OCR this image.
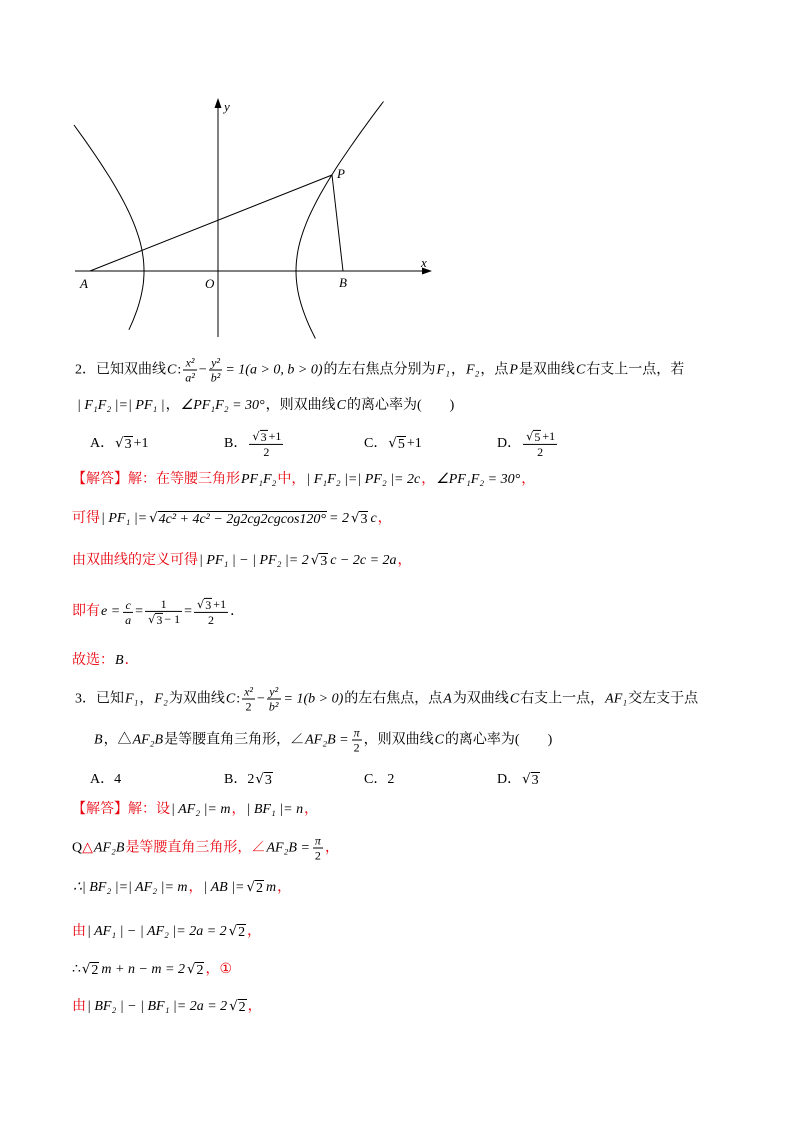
y
x
A	O	B
P
2． 已知双曲线 C : $\frac{\text{x²}}{\text{a²}} - \frac{\text{y²}}{\text{b²}} = 1(a > 0$, b > 0) 的左右焦点分别为 F₁ ， F₂ ，点 P 是双曲线 C 右支上一点，若
| F₁F₂ |=| PF₁ | ， ∠PF₁F₂ = 30° ，则双曲线 C 的离心率为(　　)
A． √ 3 +1	B． $\frac{√ 3 +1}{2}$	C． √ 5 +1	D． $\frac{√ 5 +1}{2}$
【解答】解：在等腰三角形 PF₁F₂ 中， | F₁F₂ |=| PF₂ |= 2c ， ∠PF₁F₂ = 30° ，
可得 | PF₁ |= √ 4c² + 4c² − 2g2cg2cgcos120° = 2 √ 3 c ，
由双曲线的定义可得 | PF₁ | − | PF₂ |= 2 √ 3 c − 2c = 2a ，
即有 $e = \frac{c}{a} = \frac{1}{√ 3 - 1} = \frac{√ 3 +1}{2}$ ．
故选： B ．
3． 已知 F₁ ， F₂ 为双曲线 C : $\frac{\text{x²}}{2} - \frac{\text{y²}}{\text{b²}} = 1(b > 0)$ 的左右焦点，点 A 为双曲线 C 右支上一点， AF₁ 交左支于点
B ，△ AF₂B 是等腰直角三角形，∠ $AF_2B = \frac{\pi}{2}$ ，则双曲线 C 的离心率为(　　)
A． 4	B． 2 √ 3	C． 2	D． √ 3
【解答】解：设 | AF₂ |= m ， | BF₁ |= n ，
Q △ AF₂B 是等腰直角三角形，∠ $AF_2B = \frac{\pi}{2}$ ，
∴| BF₂ |=| AF₂ |= m ， | AB |= √ 2 m ，
由 | AF₁ | − | AF₂ |= 2a = 2 √ 2 ，
∴ √ 2 m + n − m = 2 √ 2 ， ①
由 | BF₂ | − | BF₁ |= 2a = 2 √ 2 ，
